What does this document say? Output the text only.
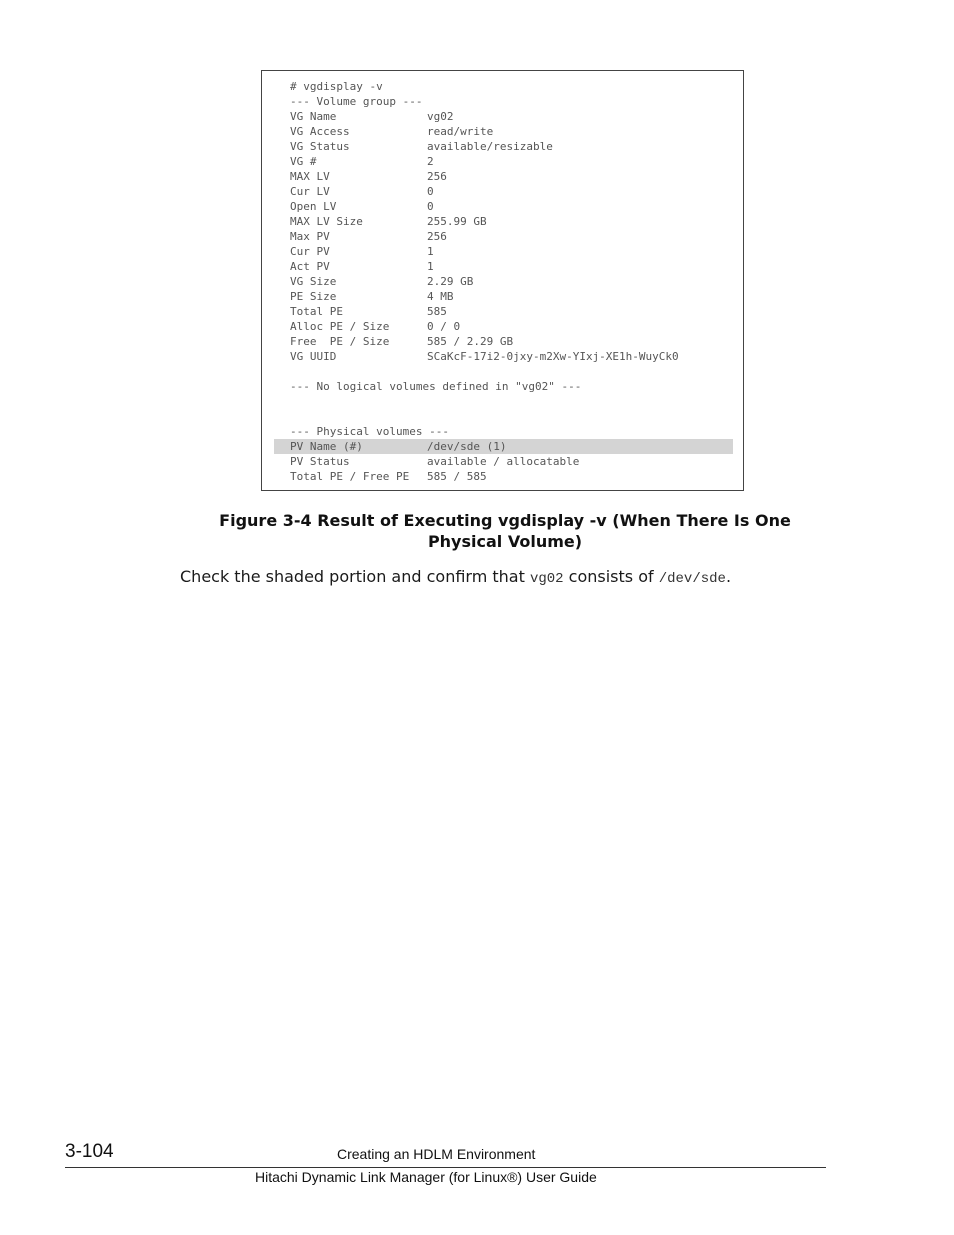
# vgdisplay -v
--- Volume group ---
VG Name	vg02
VG Access	read/write
VG Status	available/resizable
VG #	2
MAX LV	256
Cur LV	0
Open LV	0
MAX LV Size	255.99 GB
Max PV	256
Cur PV	1
Act PV	1
VG Size	2.29 GB
PE Size	4 MB
Total PE	585
Alloc PE / Size	0 / 0
Free  PE / Size	585 / 2.29 GB
VG UUID	SCaKcF-17i2-0jxy-m2Xw-YIxj-XE1h-WuyCk0
--- No logical volumes defined in "vg02" ---
--- Physical volumes ---
PV Name (#)	/dev/sde (1)
PV Status	available / allocatable
Total PE / Free PE 585 / 585
Figure 3-4 Result of Executing vgdisplay -v (When There Is One Physical Volume)
Check the shaded portion and confirm that vg02 consists of /dev/sde.
3-104	Creating an HDLM Environment
Hitachi Dynamic Link Manager (for Linux®) User Guide
